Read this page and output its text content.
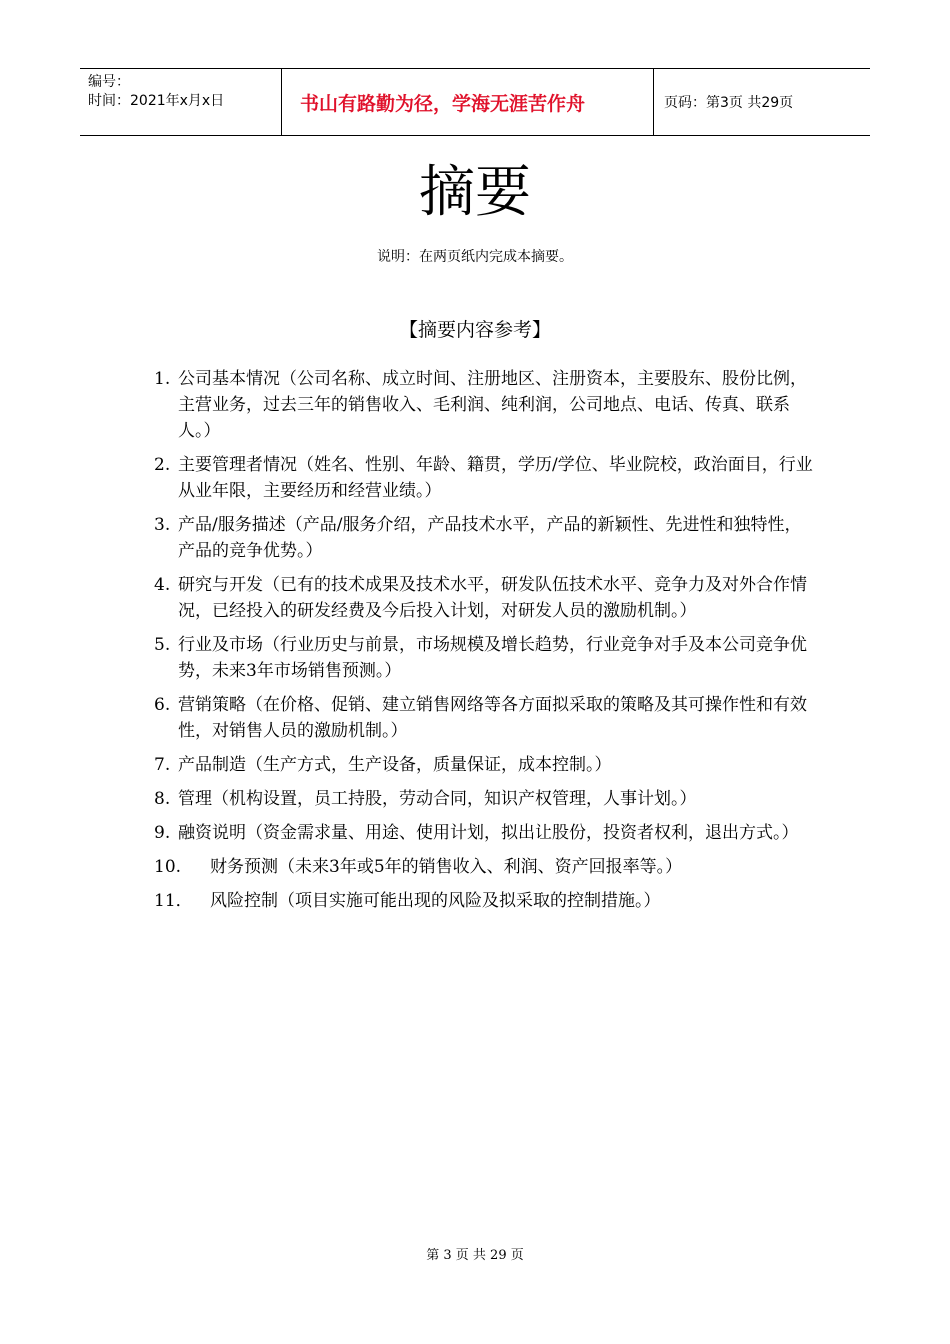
编号：
时间：2021年x月x日	书山有路勤为径，学海无涯苦作舟	页码：第3页 共29页
摘要
说明：在两页纸内完成本摘要。
【摘要内容参考】
1. 公司基本情况（公司名称、成立时间、注册地区、注册资本，主要股东、股份比例，主营业务，过去三年的销售收入、毛利润、纯利润，公司地点、电话、传真、联系人。）
2. 主要管理者情况（姓名、性别、年龄、籍贯，学历/学位、毕业院校，政治面目，行业从业年限，主要经历和经营业绩。）
3. 产品/服务描述（产品/服务介绍，产品技术水平，产品的新颖性、先进性和独特性，产品的竞争优势。）
4. 研究与开发（已有的技术成果及技术水平，研发队伍技术水平、竞争力及对外合作情况，已经投入的研发经费及今后投入计划，对研发人员的激励机制。）
5. 行业及市场（行业历史与前景，市场规模及增长趋势，行业竞争对手及本公司竞争优势，未来3年市场销售预测。）
6. 营销策略（在价格、促销、建立销售网络等各方面拟采取的策略及其可操作性和有效性，对销售人员的激励机制。）
7. 产品制造（生产方式，生产设备，质量保证，成本控制。）
8. 管理（机构设置，员工持股，劳动合同，知识产权管理，人事计划。）
9. 融资说明（资金需求量、用途、使用计划，拟出让股份，投资者权利，退出方式。）
10.	财务预测（未来3年或5年的销售收入、利润、资产回报率等。）
11．	风险控制（项目实施可能出现的风险及拟采取的控制措施。）
第 3 页 共 29 页
